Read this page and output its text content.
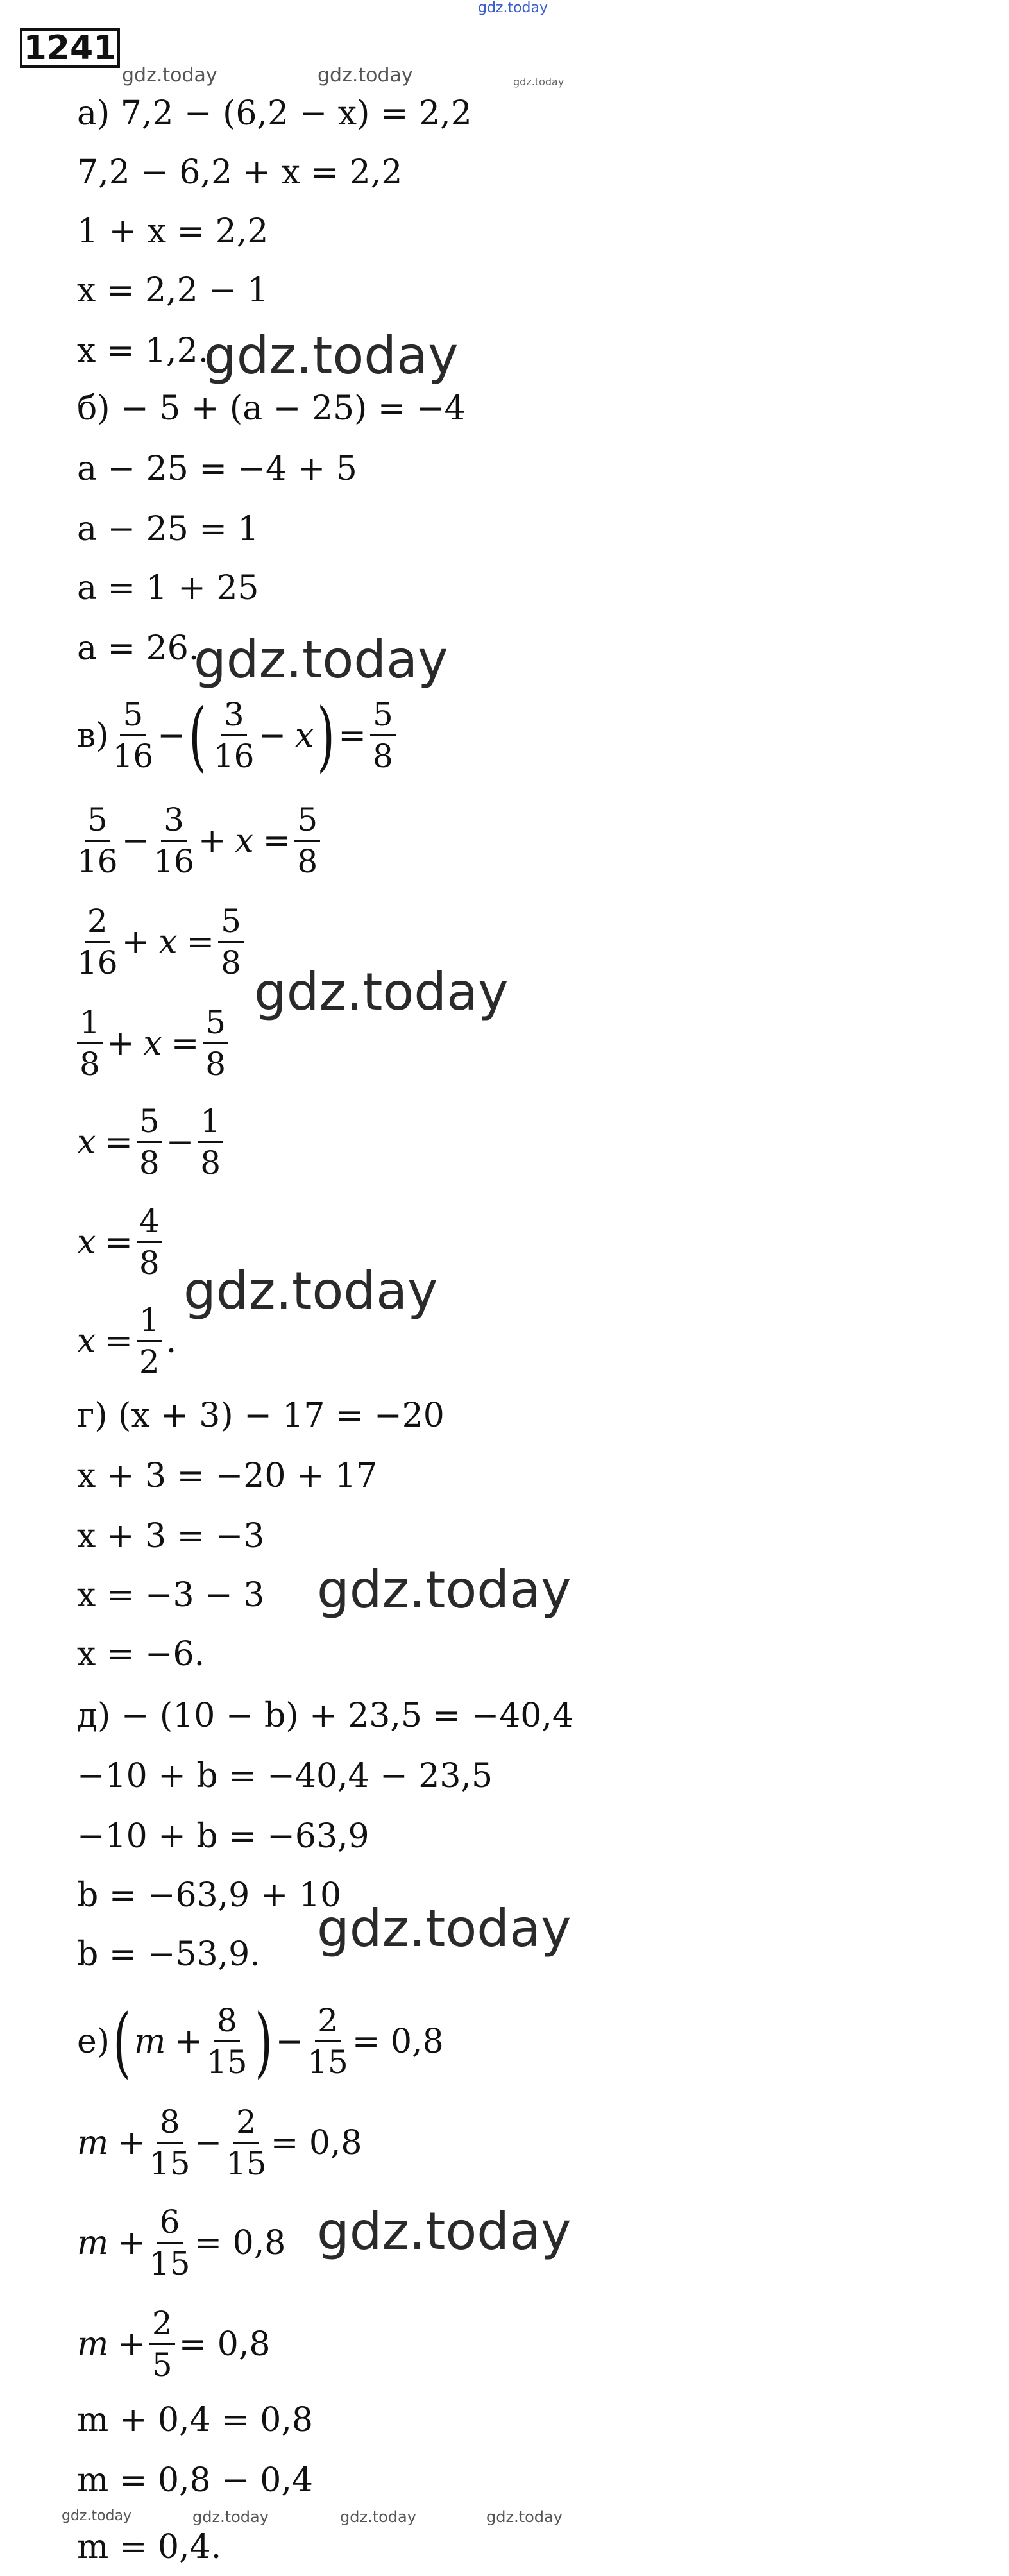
gdz.today
1241
gdz.today	gdz.today	gdz.today
а) 7,2 − (6,2 − x) = 2,2
7,2 − 6,2 + x = 2,2
1 + x = 2,2
x = 2,2 − 1
x = 1,2.
gdz.today
б) − 5 + (a − 25) = −4
a − 25 = −4 + 5
a − 25 = 1
a = 1 + 25
a = 26.
gdz.today
$в) \frac{5}{16}$ − ( $\frac{3}{16} - x$ ) = $\frac{5}{8}$
$\frac{5}{16} - \frac{3}{16} + x = \frac{5}{8}$
$\frac{2}{16} + x = \frac{5}{8}$
gdz.today
$\frac{1}{8} + x = \frac{5}{8}$
$x = \frac{5}{8} - \frac{1}{8}$
$x = \frac{4}{8}$
gdz.today
$x = \frac{1}{2}$ .
г) (x + 3) − 17 = −20
x + 3 = −20 + 17
x + 3 = −3
x = −3 − 3 gdz.today
x = −6.
д) − (10 − b) + 23,5 = −40,4
−10 + b = −40,4 − 23,5
−10 + b = −63,9
b = −63,9 + 10
gdz.today
b = −53,9.
е) ( $m + \frac{8}{15}$ ) − $\frac{2}{15} = 0,8$
$m + \frac{8}{15} - \frac{2}{15} = 0,8$
$m + \frac{6}{15} = 0,8$ gdz.today
$m + \frac{2}{5} = 0,8$
m + 0,4 = 0,8
m = 0,8 − 0,4
gdz.today	gdz.today	gdz.today	gdz.today
m = 0,4.
